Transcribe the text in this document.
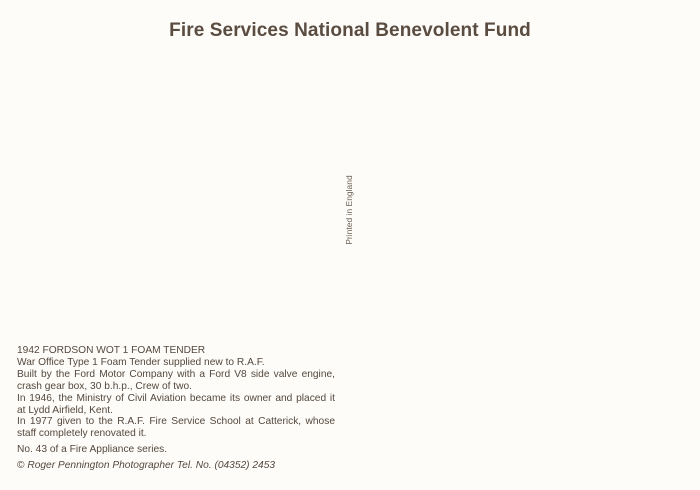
Fire Services National Benevolent Fund
Printed in England

1942 FORDSON WOT 1 FOAM TENDER

War Office Type 1 Foam Tender supplied new to R.A.F.

Built by the Ford Motor Company with a Ford V8 side valve engine, crash gear box, 30 b.h.p., Crew of two.

In 1946, the Ministry of Civil Aviation became its owner and placed it at Lydd Airfield, Kent.

In 1977 given to the R.A.F. Fire Service School at Catterick, whose staff completely renovated it.

No. 43 of a Fire Appliance series.

© Roger Pennington Photographer Tel. No. (04352) 2453
